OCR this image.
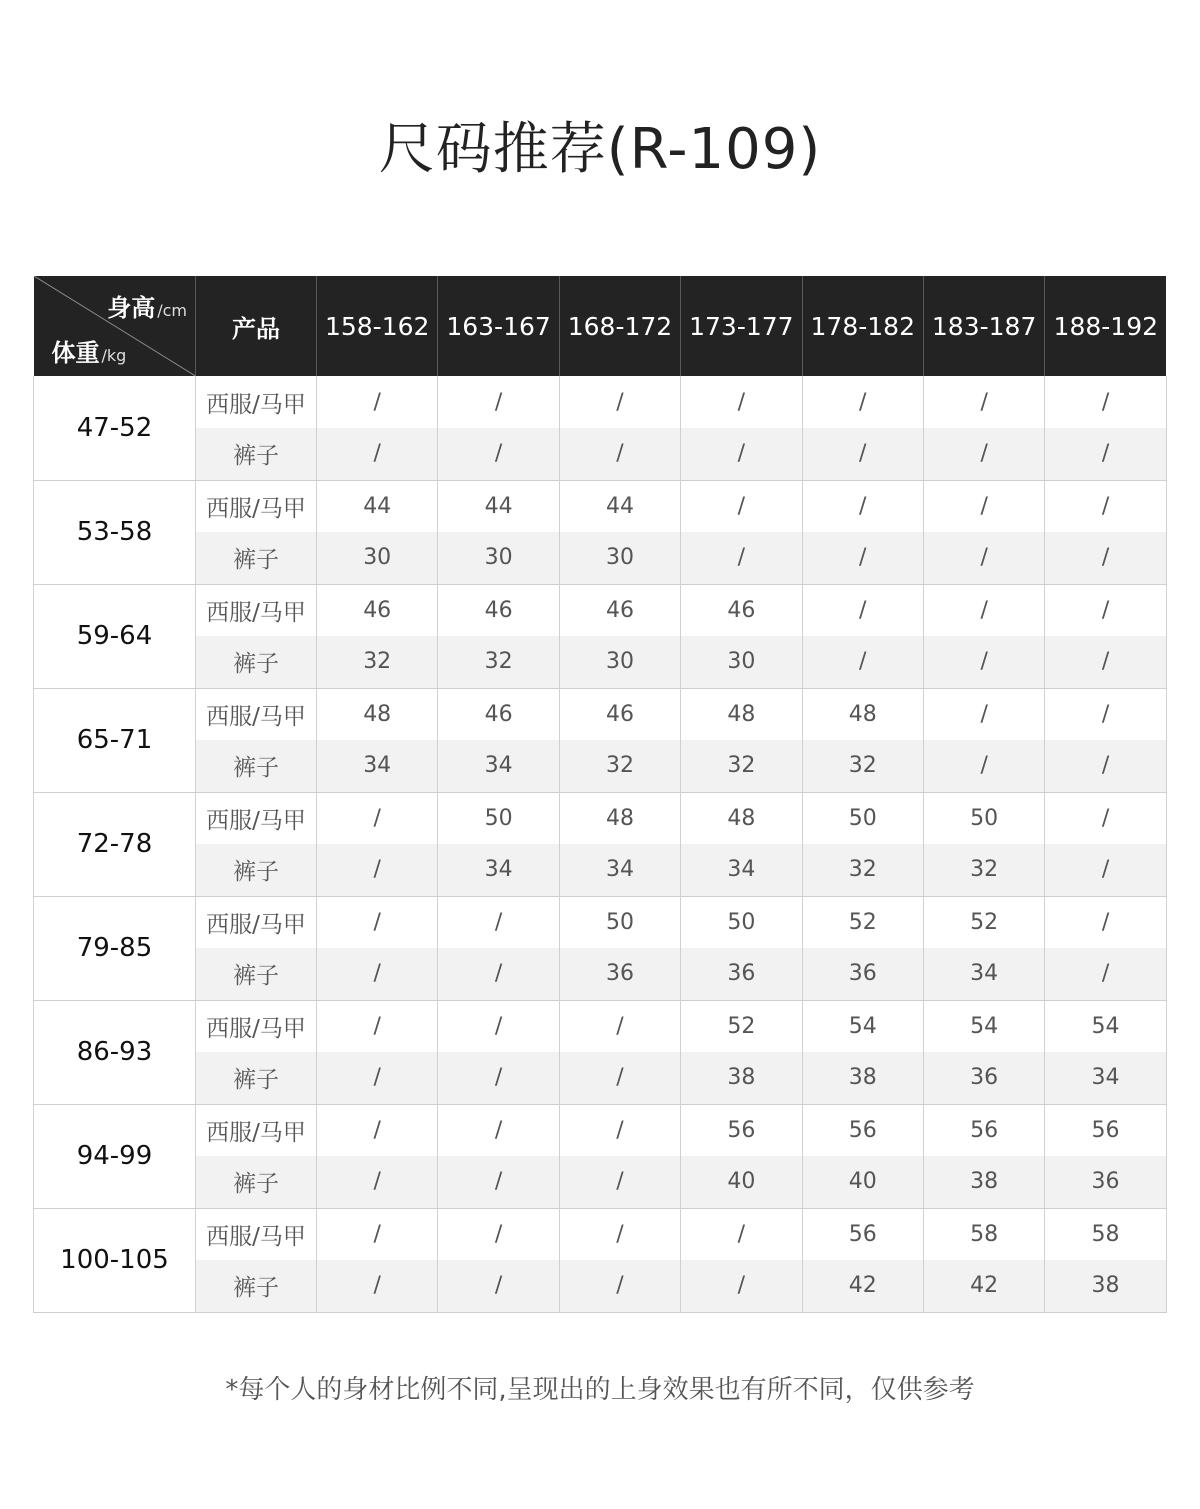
尺码推荐(R-109)
身高 /cm
体重 /kg	产品	158-162	163-167	168-172	173-177	178-182	183-187	188-192
47-52	西服/马甲	/	/	/	/	/	/	/
	裤子	/	/	/	/	/	/	/
53-58	西服/马甲	44	44	44	/	/	/	/
	裤子	30	30	30	/	/	/	/
59-64	西服/马甲	46	46	46	46	/	/	/
	裤子	32	32	30	30	/	/	/
65-71	西服/马甲	48	46	46	48	48	/	/
	裤子	34	34	32	32	32	/	/
72-78	西服/马甲	/	50	48	48	50	50	/
	裤子	/	34	34	34	32	32	/
79-85	西服/马甲	/	/	50	50	52	52	/
	裤子	/	/	36	36	36	34	/
86-93	西服/马甲	/	/	/	52	54	54	54
	裤子	/	/	/	38	38	36	34
94-99	西服/马甲	/	/	/	56	56	56	56
	裤子	/	/	/	40	40	38	36
100-105	西服/马甲	/	/	/	/	56	58	58
	裤子	/	/	/	/	42	42	38
*每个人的身材比例不同,呈现出的上身效果也有所不同，仅供参考
